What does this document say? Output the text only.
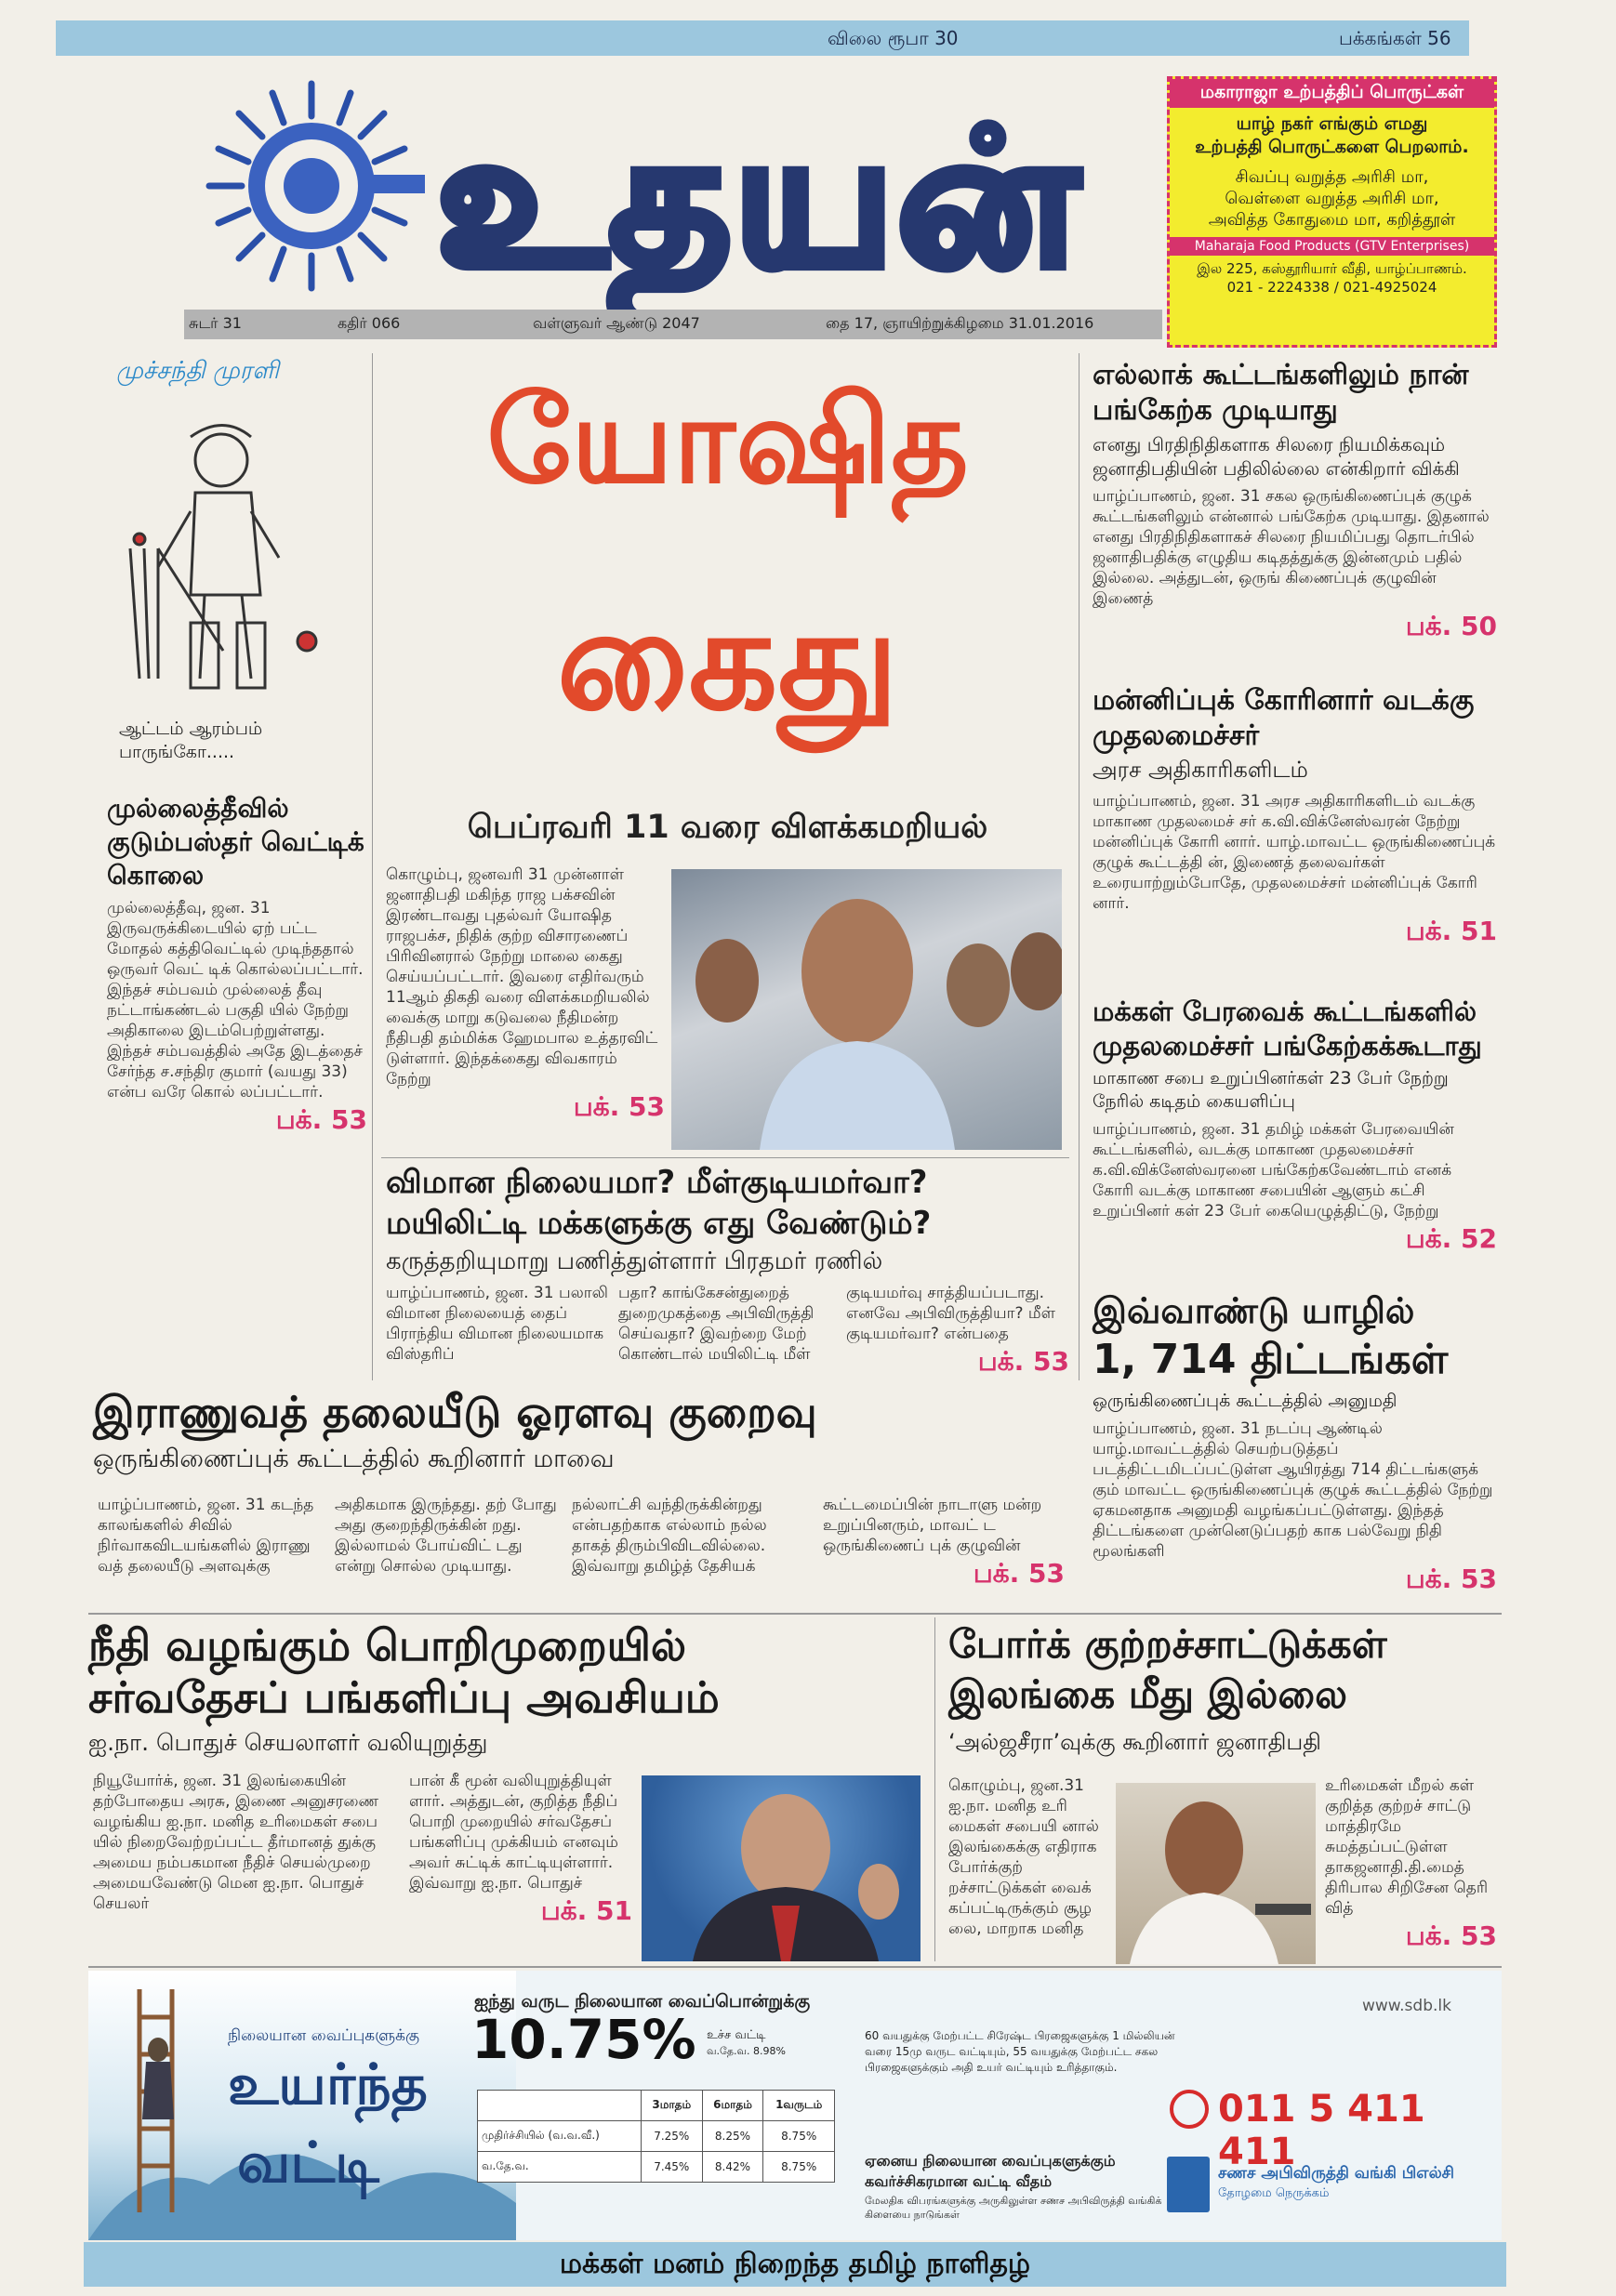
விலை ரூபா 30	பக்கங்கள் 56
உதயன்	மகாராஜா உற்பத்திப் பொருட்கள்
யாழ் நகர் எங்கும் எமது
உற்பத்தி பொருட்களை பெறலாம்.
சிவப்பு வறுத்த அரிசி மா,
வெள்ளை வறுத்த அரிசி மா,
அவித்த கோதுமை மா, கறித்தூள்
Maharaja Food Products (GTV Enterprises)
இல 225, கஸ்தூரியார் வீதி, யாழ்ப்பாணம்.
021 - 2224338 / 021-4925024
சுடர் 31	கதிர் 066	வள்ளுவர் ஆண்டு 2047	தை 17, ஞாயிற்றுக்கிழமை 31.01.2016
முச்சந்தி முரளி
ஆட்டம் ஆரம்பம்
பாருங்கோ.....
முல்லைத்தீவில் குடும்பஸ்தர் வெட்டிக் கொலை
முல்லைத்தீவு, ஜன. 31 இருவருக்கிடையில் ஏற் பட்ட மோதல் கத்திவெட்டில் முடிந்ததால் ஒருவர் வெட் டிக் கொல்லப்பட்டார். இந்தச் சம்பவம் முல்லைத் தீவு நட்டாங்கண்டல் பகுதி யில் நேற்று அதிகாலை இடம்பெற்றுள்ளது. இந்தச் சம்பவத்தில் அதே இடத்தைச் சேர்ந்த ச.சந்திர குமார் (வயது 33) என்ப வரே கொல் லப்பட்டார்.
பக். 53
யோஷித
கைது
பெப்ரவரி 11 வரை விளக்கமறியல்
கொழும்பு, ஜனவரி 31 முன்னாள் ஜனாதிபதி மகிந்த ராஜ பக்சவின் இரண்டாவது புதல்வர் யோஷித ராஜபக்ச, நிதிக் குற்ற விசாரணைப் பிரிவினரால் நேற்று மாலை கைது செய்யப்பட்டார். இவரை எதிர்வரும் 11ஆம் திகதி வரை விளக்கமறியலில் வைக்கு மாறு கடுவலை நீதிமன்ற நீதிபதி தம்மிக்க ஹேமபால உத்தரவிட் டுள்ளார். இந்தக்கைது விவகாரம் நேற்று
பக். 53
விமான நிலையமா? மீள்குடியமர்வா?
மயிலிட்டி மக்களுக்கு எது வேண்டும்?
கருத்தறியுமாறு பணித்துள்ளார் பிரதமர் ரணில்
யாழ்ப்பாணம், ஜன. 31 பலாலி விமான நிலையைத் தைப் பிராந்திய விமான நிலையமாக விஸ்தரிப்
பதா? காங்கேசன்துறைத் துறைமுகத்தை அபிவிருத்தி செய்வதா? இவற்றை மேற் கொண்டால் மயிலிட்டி மீள்
குடியமர்வு சாத்தியப்படாது. எனவே அபிவிருத்தியா? மீள் குடியமர்வா? என்பதை
பக். 53
எல்லாக் கூட்டங்களிலும் நான் பங்கேற்க முடியாது
எனது பிரதிநிதிகளாக சிலரை நியமிக்கவும் ஜனாதிபதியின் பதிலில்லை என்கிறார் விக்கி
யாழ்ப்பாணம், ஜன. 31 சகல ஒருங்கிணைப்புக் குழுக் கூட்டங்களிலும் என்னால் பங்கேற்க முடியாது. இதனால் எனது பிரதிநிதிகளாகச் சிலரை நியமிப்பது தொடர்பில் ஜனாதிபதிக்கு எழுதிய கடிதத்துக்கு இன்னமும் பதில் இல்லை. அத்துடன், ஒருங் கிணைப்புக் குழுவின் இணைத்
பக். 50
மன்னிப்புக் கோரினார் வடக்கு முதலமைச்சர்
அரச அதிகாரிகளிடம்
யாழ்ப்பாணம், ஜன. 31 அரச அதிகாரிகளிடம் வடக்கு மாகாண முதலமைச் சர் க.வி.விக்னேஸ்வரன் நேற்று மன்னிப்புக் கோரி னார். யாழ்.மாவட்ட ஒருங்கிணைப்புக் குழுக் கூட்டத்தி ன், இணைத் தலைவர்கள் உரையாற்றும்போதே, முதலமைச்சர் மன்னிப்புக் கோரி னார்.
பக். 51
மக்கள் பேரவைக் கூட்டங்களில் முதலமைச்சர் பங்கேற்கக்கூடாது
மாகாண சபை உறுப்பினர்கள் 23 பேர் நேற்று நேரில் கடிதம் கையளிப்பு
யாழ்ப்பாணம், ஜன. 31 தமிழ் மக்கள் பேரவையின் கூட்டங்களில், வடக்கு மாகாண முதலமைச்சர் க.வி.விக்னேஸ்வரனை பங்கேற்கவேண்டாம் எனக் கோரி வடக்கு மாகாண சபையின் ஆளும் கட்சி உறுப்பினர் கள் 23 பேர் கையெழுத்திட்டு, நேற்று
பக். 52
இவ்வாண்டு யாழில்
1, 714 திட்டங்கள்
ஒருங்கிணைப்புக் கூட்டத்தில் அனுமதி
யாழ்ப்பாணம், ஜன. 31 நடப்பு ஆண்டில் யாழ்.மாவட்டத்தில் செயற்படுத்தப் படத்திட்டமிடப்பட்டுள்ள ஆயிரத்து 714 திட்டங்களுக் கும் மாவட்ட ஒருங்கிணைப்புக் குழுக் கூட்டத்தில் நேற்று ஏகமனதாக அனுமதி வழங்கப்பட்டுள்ளது. இந்தத் திட்டங்களை முன்னெடுப்பதற் காக பல்வேறு நிதி மூலங்களி
பக். 53
இராணுவத் தலையீடு ஓரளவு குறைவு
ஒருங்கிணைப்புக் கூட்டத்தில் கூறினார் மாவை
யாழ்ப்பாணம், ஜன. 31 கடந்த காலங்களில் சிவில் நிர்வாகவிடயங்களில் இராணு வத் தலையீடு அளவுக்கு
அதிகமாக இருந்தது. தற் போது அது குறைந்திருக்கின் றது. இல்லாமல் போய்விட் டது என்று சொல்ல முடியாது.
நல்லாட்சி வந்திருக்கின்றது என்பதற்காக எல்லாம் நல்ல தாகத் திரும்பிவிடவில்லை. இவ்வாறு தமிழ்த் தேசியக்
கூட்டமைப்பின் நாடாளு மன்ற உறுப்பினரும், மாவட் ட ஒருங்கிணைப் புக் குழுவின்
பக். 53
நீதி வழங்கும் பொறிமுறையில்
சர்வதேசப் பங்களிப்பு அவசியம்
ஐ.நா. பொதுச் செயலாளர் வலியுறுத்து
நியூயோர்க், ஜன. 31 இலங்கையின் தற்போதைய அரசு, இணை அனுசரணை வழங்கிய ஐ.நா. மனித உரிமைகள் சபை யில் நிறைவேற்றப்பட்ட தீர்மானத் துக்கு அமைய நம்பகமான நீதிச் செயல்முறை அமையவேண்டு மென ஐ.நா. பொதுச் செயலர்
பான் கீ மூன் வலியுறுத்தியுள் ளார். அத்துடன், குறித்த நீதிப் பொறி முறையில் சர்வதேசப் பங்களிப்பு முக்கியம் எனவும் அவர் சுட்டிக் காட்டியுள்ளார். இவ்வாறு ஐ.நா. பொதுச்
பக். 51
போர்க் குற்றச்சாட்டுக்கள்
இலங்கை மீது இல்லை
‘அல்ஜசீரா’வுக்கு கூறினார் ஜனாதிபதி
கொழும்பு, ஜன.31 ஐ.நா. மனித உரி மைகள் சபையி னால் இலங்கைக்கு எதிராக போர்க்குற் றச்சாட்டுக்கள் வைக் கப்பட்டிருக்கும் சூழ லை, மாறாக மனித
உரிமைகள் மீறல் கள் குறித்த குற்றச் சாட்டு மாத்திரமே சுமத்தப்பட்டுள்ள தாகஜனாதி.தி.மைத் திரிபால சிறிசேன தெரி வித்
பக். 53
நிலையான வைப்புகளுக்கு
உயர்ந்த
வட்டி
www.sdb.lk
ஐந்து வருட நிலையான வைப்பொன்றுக்கு
10.75% உச்ச வட்டி
வ.தே.வ. 8.98%
	3மாதம்	6மாதம்	1வருடம்
முதிர்ச்சியில் (வ.வ.வீ.)	7.25%	8.25%	8.75%
வ.தே.வ.	7.45%	8.42%	8.75%
60 வயதுக்கு மேற்பட்ட சிரேஷ்ட பிரஜைகளுக்கு 1 மில்லியன் வரை 15மு வருட வட்டியும், 55 வயதுக்கு மேற்பட்ட சகல பிரஜைகளுக்கும் அதி உயர் வட்டியும் உரித்தாகும்.
ஏனைய நிலையான வைப்புகளுக்கும்
கவர்ச்சிகரமான வட்டி வீதம்
மேலதிக விபரங்களுக்கு அருகிலுள்ள சணச அபிவிருத்தி வங்கிக் கிளையை நாடுங்கள்
011 5 411 411
சணச அபிவிருத்தி வங்கி பிஎல்சி
தோழமை நெருக்கம்
மக்கள் மனம் நிறைந்த தமிழ் நாளிதழ்
